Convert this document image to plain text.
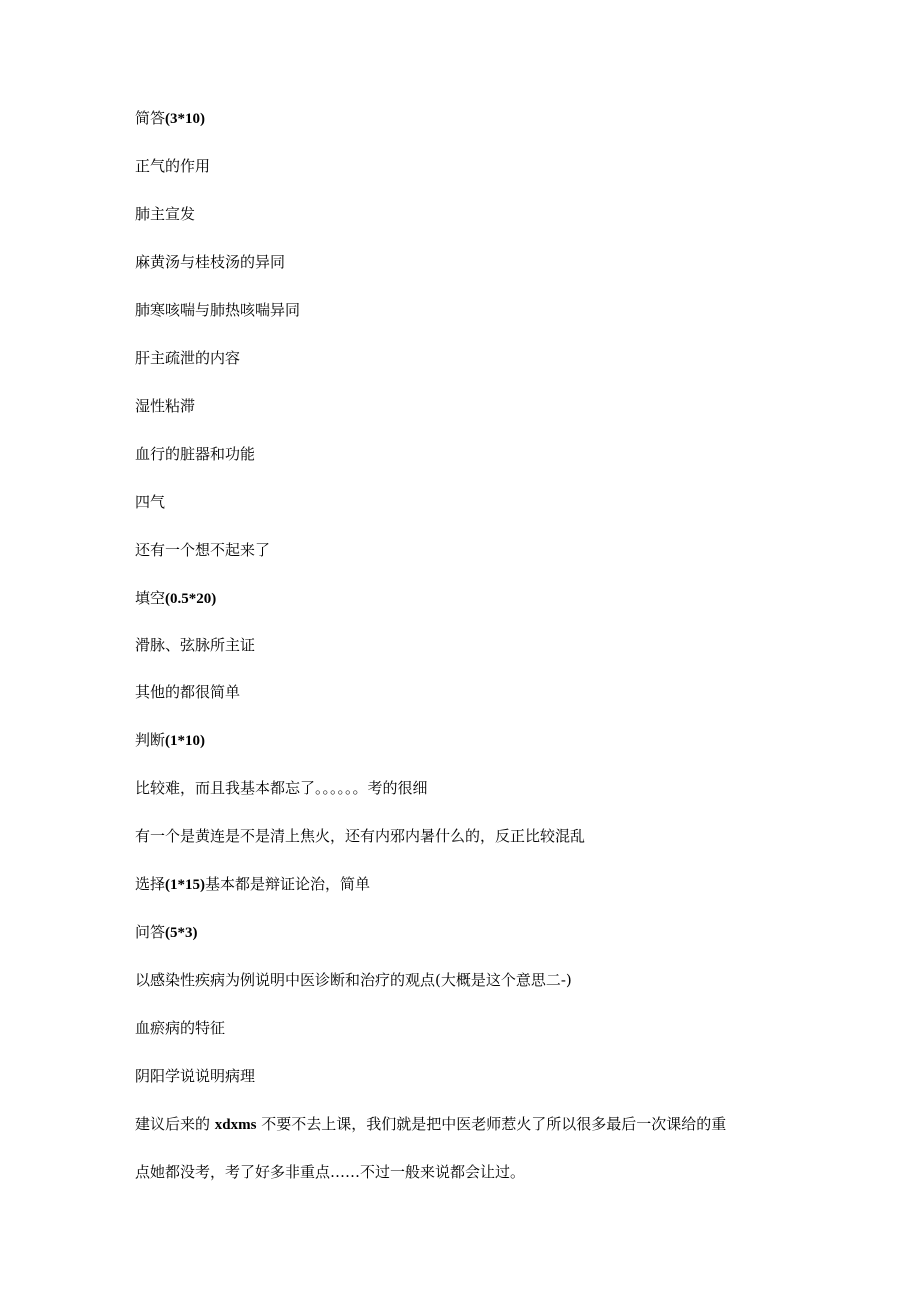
简答(3*10)
正气的作用
肺主宣发
麻黄汤与桂枝汤的异同
肺寒咳喘与肺热咳喘异同
肝主疏泄的内容
湿性粘滞
血行的脏器和功能
四气
还有一个想不起来了
填空(0.5*20)
滑脉、弦脉所主证
其他的都很简单
判断(1*10)
比较难，而且我基本都忘了。。。。。。考的很细
有一个是黄连是不是清上焦火，还有内邪内暑什么的，反正比较混乱
选择(1*15)基本都是辩证论治，简单
问答(5*3)
以感染性疾病为例说明中医诊断和治疗的观点(大概是这个意思二-)
血瘀病的特征
阴阳学说说明病理
建议后来的 xdxms 不要不去上课，我们就是把中医老师惹火了所以很多最后一次课给的重
点她都没考，考了好多非重点……不过一般来说都会让过。
